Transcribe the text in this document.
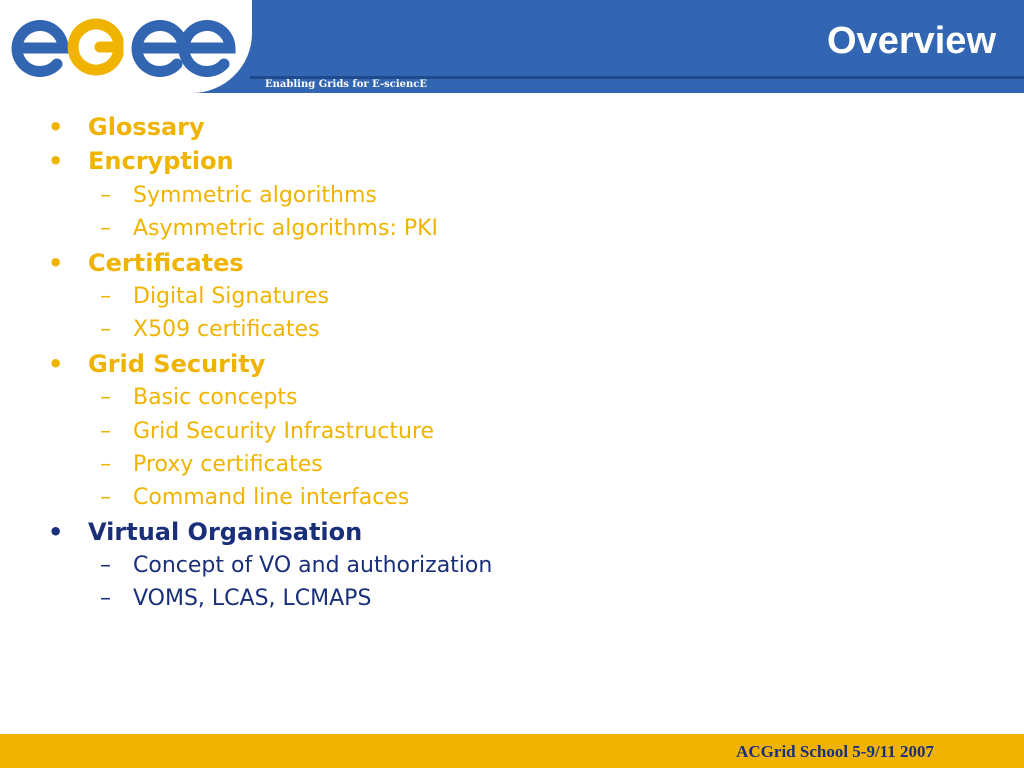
Enabling Grids for E-sciencE
Overview
• Glossary
• Encryption
– Symmetric algorithms
– Asymmetric algorithms: PKI
• Certificates
– Digital Signatures
– X509 certificates
• Grid Security
– Basic concepts
– Grid Security Infrastructure
– Proxy certificates
– Command line interfaces
• Virtual Organisation
– Concept of VO and authorization
– VOMS, LCAS, LCMAPS
ACGrid School 5-9/11 2007
